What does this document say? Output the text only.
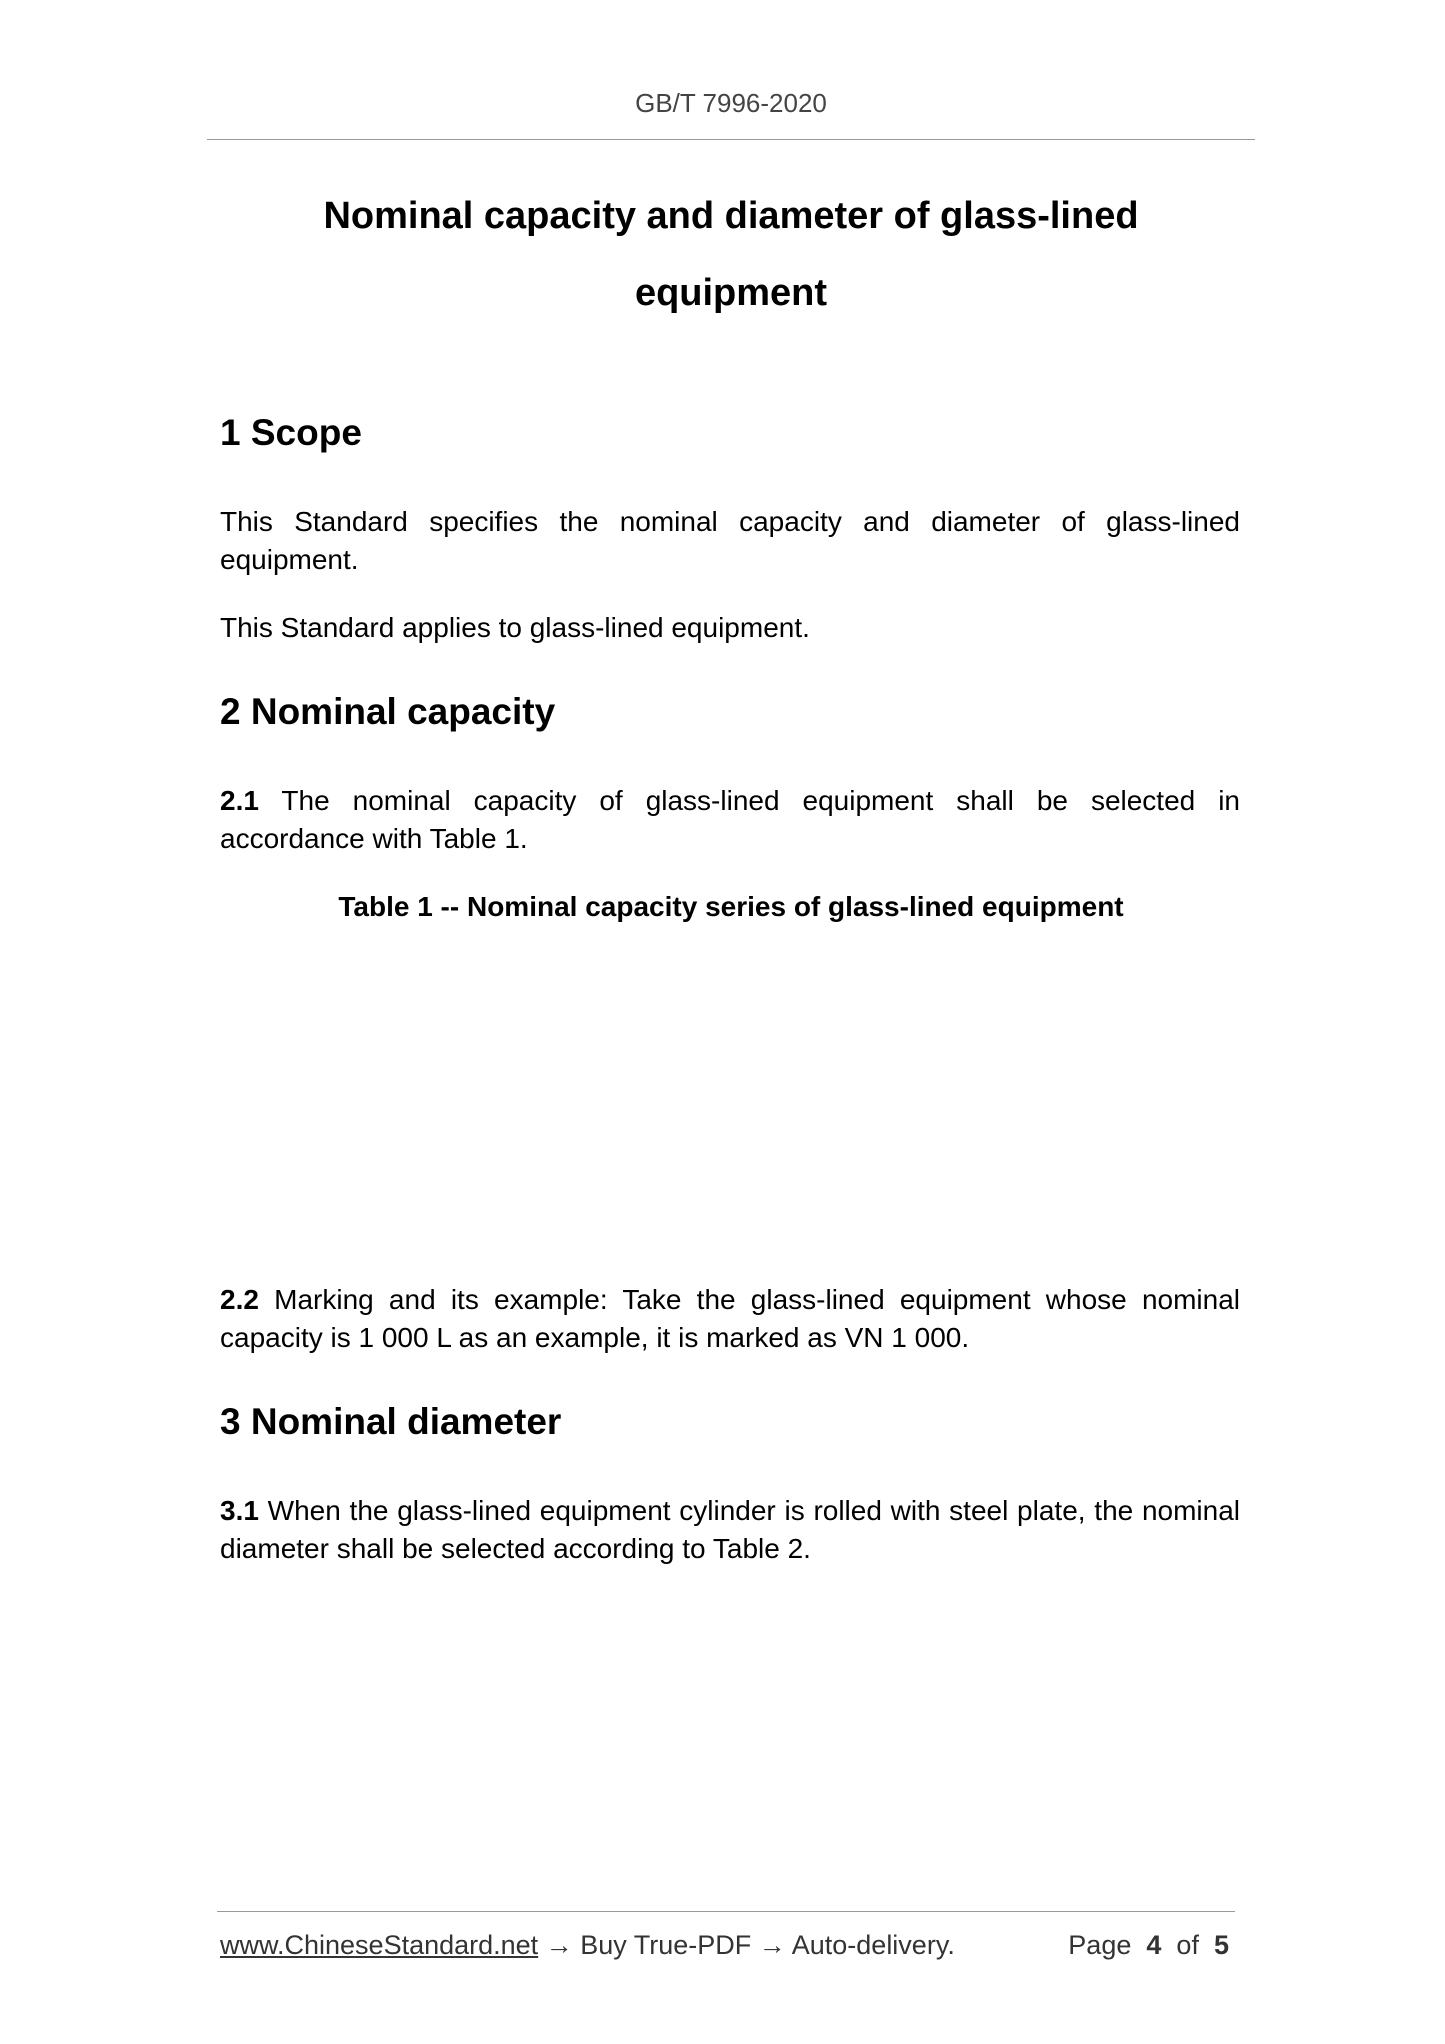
GB/T 7996-2020
Nominal capacity and diameter of glass-lined
equipment
1 Scope

This Standard specifies the nominal capacity and diameter of glass-lined equipment.

This Standard applies to glass-lined equipment.

2 Nominal capacity

2.1 The nominal capacity of glass-lined equipment shall be selected in accordance with Table 1.

Table 1 -- Nominal capacity series of glass-lined equipment

2.2 Marking and its example: Take the glass-lined equipment whose nominal capacity is 1 000 L as an example, it is marked as VN 1 000.

3 Nominal diameter

3.1 When the glass-lined equipment cylinder is rolled with steel plate, the nominal diameter shall be selected according to Table 2.

www.ChineseStandard.net → Buy True-PDF → Auto-delivery.	Page 4 of 5
